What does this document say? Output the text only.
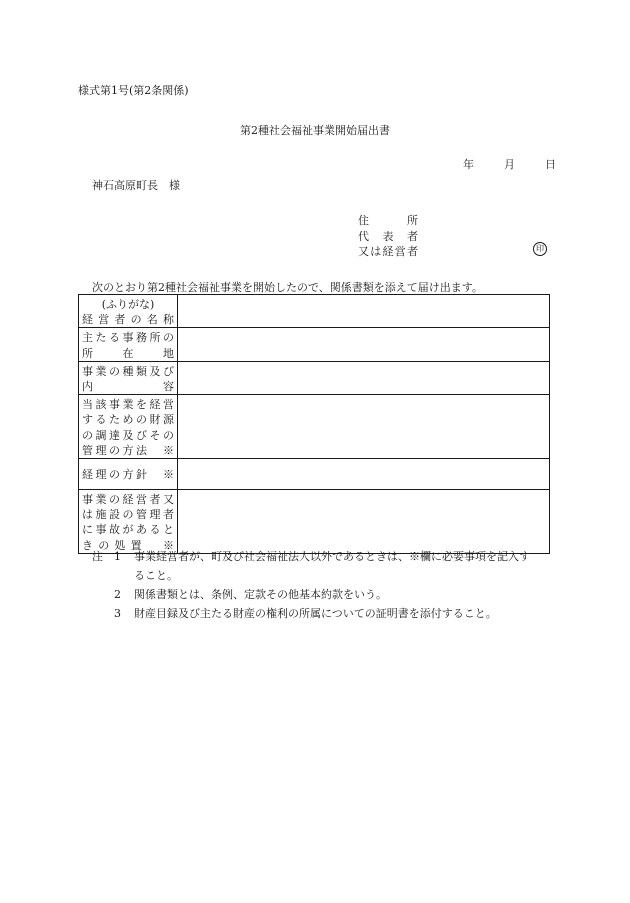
様式第1号(第2条関係)
第2種社会福祉事業開始届出書
年	月	日
神石高原町長　様
住所
代表者
又は経営者	印
次のとおり第2種社会福祉事業を開始したので、関係書類を添えて届け出ます。
(ふりがな)
経営者の名称	

主たる事務所の
所在地	

事業の種類及び
内容	

当該事業を経営
するための財源
の調達及びその
管理の方法　※	

経理の方針　※	

事業の経営者又
は施設の管理者
に事故があると
きの処置　※	

注 1 事業経営者が、町及び社会福祉法人以外であるときは、※欄に必要事項を記入す
ること。
2 関係書類とは、条例、定款その他基本約款をいう。
3 財産目録及び主たる財産の権利の所属についての証明書を添付すること。
